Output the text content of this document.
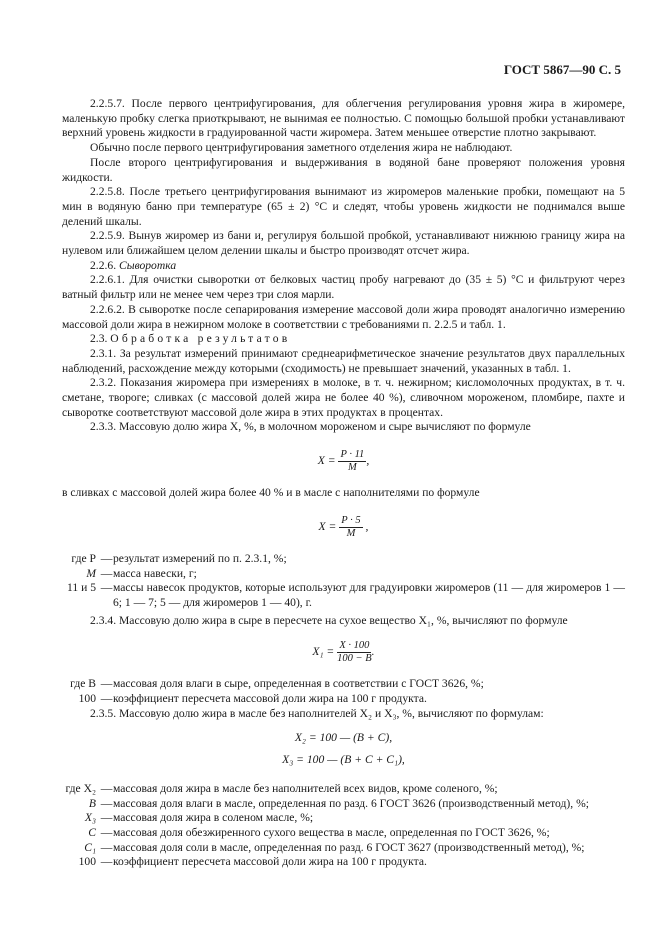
ГОСТ 5867—90 С. 5

2.2.5.7. После первого центрифугирования, для облегчения регулирования уровня жира в жиромере, маленькую пробку слегка приоткрывают, не вынимая ее полностью. С помощью большой пробки устанавливают верхний уровень жидкости в градуированной части жиромера. Затем меньшее отверстие плотно закрывают.

Обычно после первого центрифугирования заметного отделения жира не наблюдают.

После второго центрифугирования и выдерживания в водяной бане проверяют положения уровня жидкости.

2.2.5.8. После третьего центрифугирования вынимают из жиромеров маленькие пробки, помещают на 5 мин в водяную баню при температуре (65 ± 2) °С и следят, чтобы уровень жидкости не поднимался выше делений шкалы.

2.2.5.9. Вынув жиромер из бани и, регулируя большой пробкой, устанавливают нижнюю границу жира на нулевом или ближайшем целом делении шкалы и быстро производят отсчет жира.

2.2.6. Сыворотка

2.2.6.1. Для очистки сыворотки от белковых частиц пробу нагревают до (35 ± 5) °С и фильтруют через ватный фильтр или не менее чем через три слоя марли.

2.2.6.2. В сыворотке после сепарирования измерение массовой доли жира проводят аналогично измерению массовой доли жира в нежирном молоке в соответствии с требованиями п. 2.2.5 и табл. 1.

2.3. Обработка результатов

2.3.1. За результат измерений принимают среднеарифметическое значение результатов двух параллельных наблюдений, расхождение между которыми (сходимость) не превышает значений, указанных в табл. 1.

2.3.2. Показания жиромера при измерениях в молоке, в т. ч. нежирном; кисломолочных продуктах, в т. ч. сметане, твороге; сливках (с массовой долей жира не более 40 %), сливочном мороженом, пломбире, пахте и сыворотке соответствуют массовой доле жира в этих продуктах в процентах.

2.3.3. Массовую долю жира X, %, в молочном мороженом и сыре вычисляют по формуле

$X = \frac{P \cdot 11}{M}$ ,

в сливках с массовой долей жира более 40 % и в масле с наполнителями по формуле

$X = \frac{P \cdot 5}{M}$ ,

где P — результат измерений по п. 2.3.1, %;
M — масса навески, г;
11 и 5 — массы навесок продуктов, которые используют для градуировки жиромеров (11 — для жиромеров 1 — 6; 1 — 7; 5 — для жиромеров 1 — 40), г.

2.3.4. Массовую долю жира в сыре в пересчете на сухое вещество X₁, %, вычисляют по формуле

$X_1 = \frac{X \cdot 100}{100 - B}$ .

где B — массовая доля влаги в сыре, определенная в соответствии с ГОСТ 3626, %;
100 — коэффициент пересчета массовой доли жира на 100 г продукта.

2.3.5. Массовую долю жира в масле без наполнителей X₂ и X₃, %, вычисляют по формулам:

X₂ = 100 — (B + C),

X₃ = 100 — (B + C + C₁),

где X₂ — массовая доля жира в масле без наполнителей всех видов, кроме соленого, %;
B — массовая доля влаги в масле, определенная по разд. 6 ГОСТ 3626 (производственный метод), %;
X₃ — массовая доля жира в соленом масле, %;
C — массовая доля обезжиренного сухого вещества в масле, определенная по ГОСТ 3626, %;
C₁ — массовая доля соли в масле, определенная по разд. 6 ГОСТ 3627 (производственный метод), %;
100 — коэффициент пересчета массовой доли жира на 100 г продукта.
